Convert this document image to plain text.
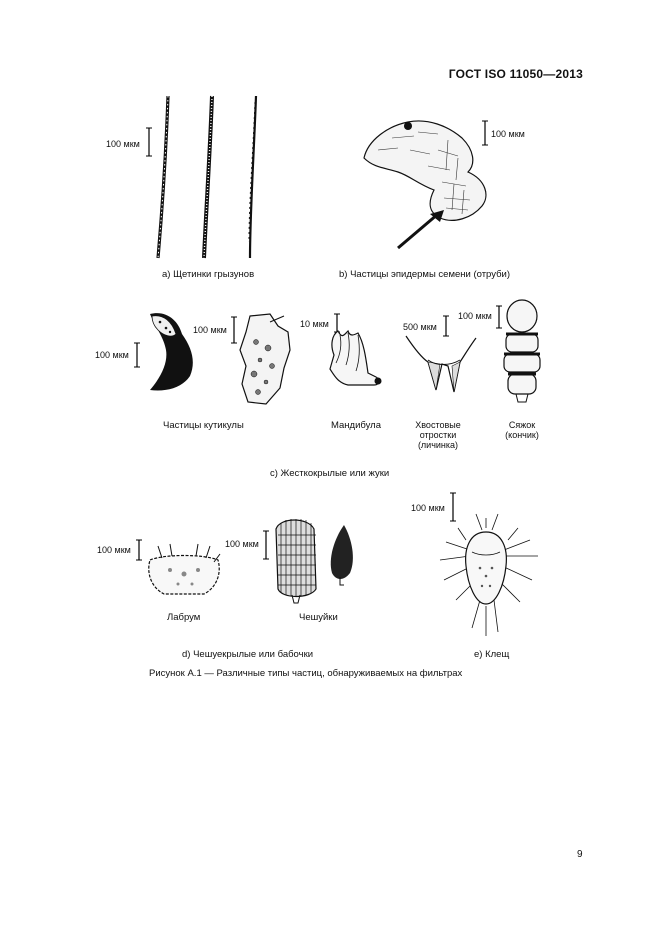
ГОСТ ISO 11050—2013
100 мкм
a) Щетинки грызунов
100 мкм
b) Частицы эпидермы семени (отруби)
100 мкм
100 мкм
Частицы кутикулы
10 мкм
Мандибула
500 мкм
Хвостовые
отростки
(личинка)
100 мкм
Сяжок
(кончик)
c) Жесткокрылые или жуки
100 мкм
Лабрум
100 мкм
Чешуйки
d) Чешуекрылые или бабочки
100 мкм
e) Клещ
Рисунок А.1 — Различные типы частиц, обнаруживаемых на фильтрах
9
